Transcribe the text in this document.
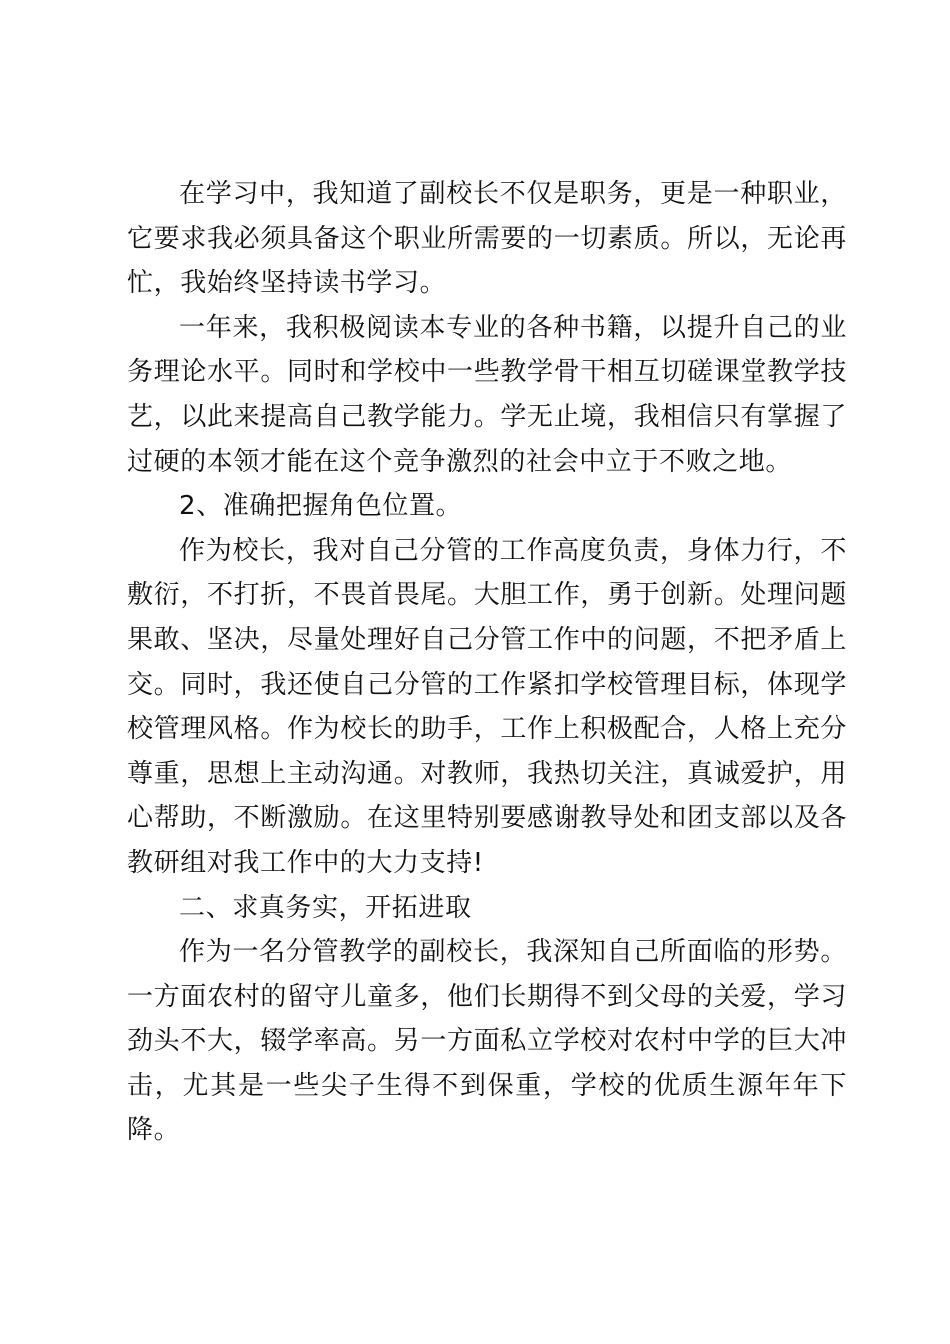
在学习中，我知道了副校长不仅是职务，更是一种职业，它要求我必须具备这个职业所需要的一切素质。所以，无论再忙，我始终坚持读书学习。

一年来，我积极阅读本专业的各种书籍，以提升自己的业务理论水平。同时和学校中一些教学骨干相互切磋课堂教学技艺，以此来提高自己教学能力。学无止境，我相信只有掌握了过硬的本领才能在这个竞争激烈的社会中立于不败之地。

2、准确把握角色位置。

作为校长，我对自己分管的工作高度负责，身体力行，不敷衍，不打折，不畏首畏尾。大胆工作，勇于创新。处理问题果敢、坚决，尽量处理好自己分管工作中的问题，不把矛盾上交。同时，我还使自己分管的工作紧扣学校管理目标，体现学校管理风格。作为校长的助手，工作上积极配合，人格上充分尊重，思想上主动沟通。对教师，我热切关注，真诚爱护，用心帮助，不断激励。在这里特别要感谢教导处和团支部以及各教研组对我工作中的大力支持!

二、求真务实，开拓进取

作为一名分管教学的副校长，我深知自己所面临的形势。一方面农村的留守儿童多，他们长期得不到父母的关爱，学习劲头不大，辍学率高。另一方面私立学校对农村中学的巨大冲击，尤其是一些尖子生得不到保重，学校的优质生源年年下降。
